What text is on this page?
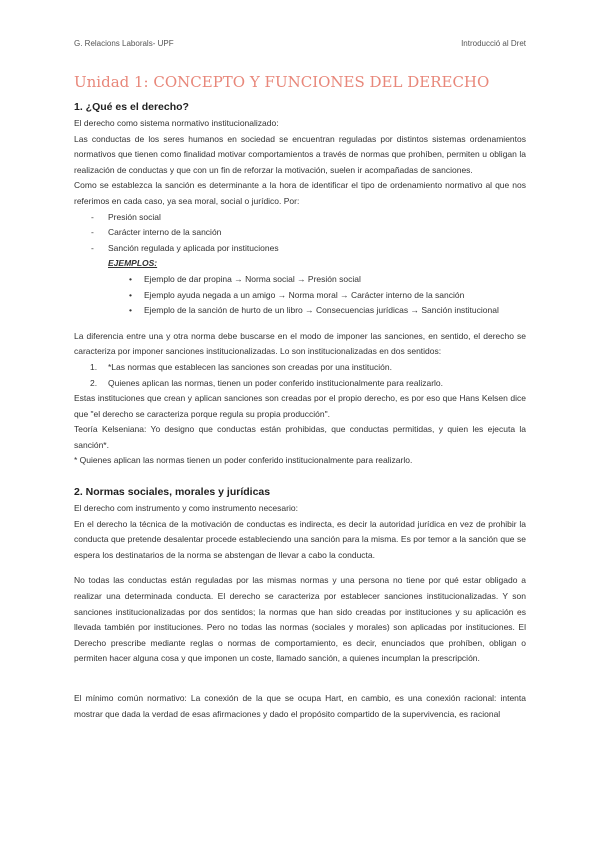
G. Relacions Laborals- UPF	Introducció al Dret
Unidad 1: CONCEPTO Y FUNCIONES DEL DERECHO
1. ¿Qué es el derecho?

El derecho como sistema normativo institucionalizado:

Las conductas de los seres humanos en sociedad se encuentran reguladas por distintos sistemas ordenamientos normativos que tienen como finalidad motivar comportamientos a través de normas que prohíben, permiten u obligan la realización de conductas y que con un fin de reforzar la motivación, suelen ir acompañadas de sanciones.

Como se establezca la sanción es determinante a la hora de identificar el tipo de ordenamiento normativo al que nos referimos en cada caso, ya sea moral, social o jurídico. Por:

- Presión social
- Carácter interno de la sanción
- Sanción regulada y aplicada por instituciones
EJEMPLOS:
• Ejemplo de dar propina → Norma social → Presión social
• Ejemplo ayuda negada a un amigo → Norma moral → Carácter interno de la sanción
• Ejemplo de la sanción de hurto de un libro → Consecuencias jurídicas → Sanción institucional

La diferencia entre una y otra norma debe buscarse en el modo de imponer las sanciones, en sentido, el derecho se caracteriza por imponer sanciones institucionalizadas. Lo son institucionalizadas en dos sentidos:

1. *Las normas que establecen las sanciones son creadas por una institución.
2. Quienes aplican las normas, tienen un poder conferido institucionalmente para realizarlo.

Estas instituciones que crean y aplican sanciones son creadas por el propio derecho, es por eso que Hans Kelsen dice que "el derecho se caracteriza porque regula su propia producción".

Teoría Kelseniana: Yo designo que conductas están prohibidas, que conductas permitidas, y quien les ejecuta la sanción*.

* Quienes aplican las normas tienen un poder conferido institucionalmente para realizarlo.

2. Normas sociales, morales y jurídicas

El derecho com instrumento y como instrumento necesario:

En el derecho la técnica de la motivación de conductas es indirecta, es decir la autoridad jurídica en vez de prohibir la conducta que pretende desalentar procede estableciendo una sanción para la misma. Es por temor a la sanción que se espera los destinatarios de la norma se abstengan de llevar a cabo la conducta.

No todas las conductas están reguladas por las mismas normas y una persona no tiene por qué estar obligado a realizar una determinada conducta. El derecho se caracteriza por establecer sanciones institucionalizadas. Y son sanciones institucionalizadas por dos sentidos; la normas que han sido creadas por instituciones y su aplicación es llevada también por instituciones. Pero no todas las normas (sociales y morales) son aplicadas por instituciones. El Derecho prescribe mediante reglas o normas de comportamiento, es decir, enunciados que prohíben, obligan o permiten hacer alguna cosa y que imponen un coste, llamado sanción, a quienes incumplan la prescripción.

El mínimo común normativo: La conexión de la que se ocupa Hart, en cambio, es una conexión racional: intenta mostrar que dada la verdad de esas afirmaciones y dado el propósito compartido de la supervivencia, es racional
